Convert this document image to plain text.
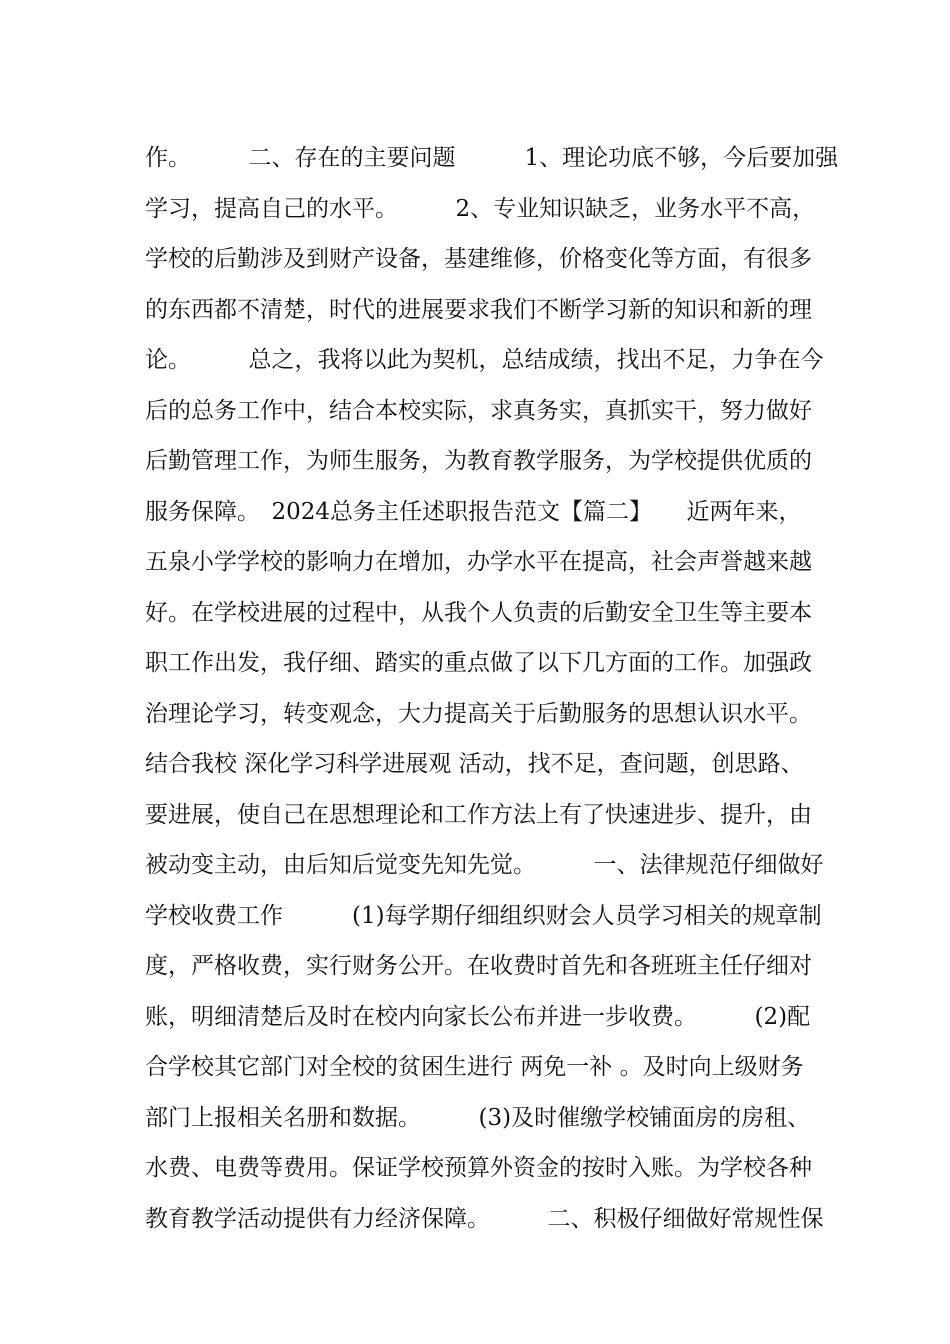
作。　　　二、存在的主要问题　　　1、理论功底不够，今后要加强
学习，提高自己的水平。　　　2、专业知识缺乏，业务水平不高，
学校的后勤涉及到财产设备，基建维修，价格变化等方面，有很多
的东西都不清楚，时代的进展要求我们不断学习新的知识和新的理
论。　　　总之，我将以此为契机，总结成绩，找出不足，力争在今
后的总务工作中，结合本校实际，求真务实，真抓实干，努力做好
后勤管理工作，为师生服务，为教育教学服务，为学校提供优质的
服务保障。　2024总务主任述职报告范文【篇二】　　近两年来，
五泉小学学校的影响力在增加，办学水平在提高，社会声誉越来越
好。在学校进展的过程中，从我个人负责的后勤安全卫生等主要本
职工作出发，我仔细、踏实的重点做了以下几方面的工作。加强政
治理论学习，转变观念，大力提高关于后勤服务的思想认识水平。
结合我校 深化学习科学进展观 活动，找不足，查问题，创思路、
要进展，使自己在思想理论和工作方法上有了快速进步、提升，由
被动变主动，由后知后觉变先知先觉。　　　一、法律规范仔细做好
学校收费工作　　　(1)每学期仔细组织财会人员学习相关的规章制
度，严格收费，实行财务公开。在收费时首先和各班班主任仔细对
账，明细清楚后及时在校内向家长公布并进一步收费。　　　(2)配
合学校其它部门对全校的贫困生进行 两免一补 。及时向上级财务
部门上报相关名册和数据。　　　(3)及时催缴学校铺面房的房租、
水费、电费等费用。保证学校预算外资金的按时入账。为学校各种
教育教学活动提供有力经济保障。　　　二、积极仔细做好常规性保
